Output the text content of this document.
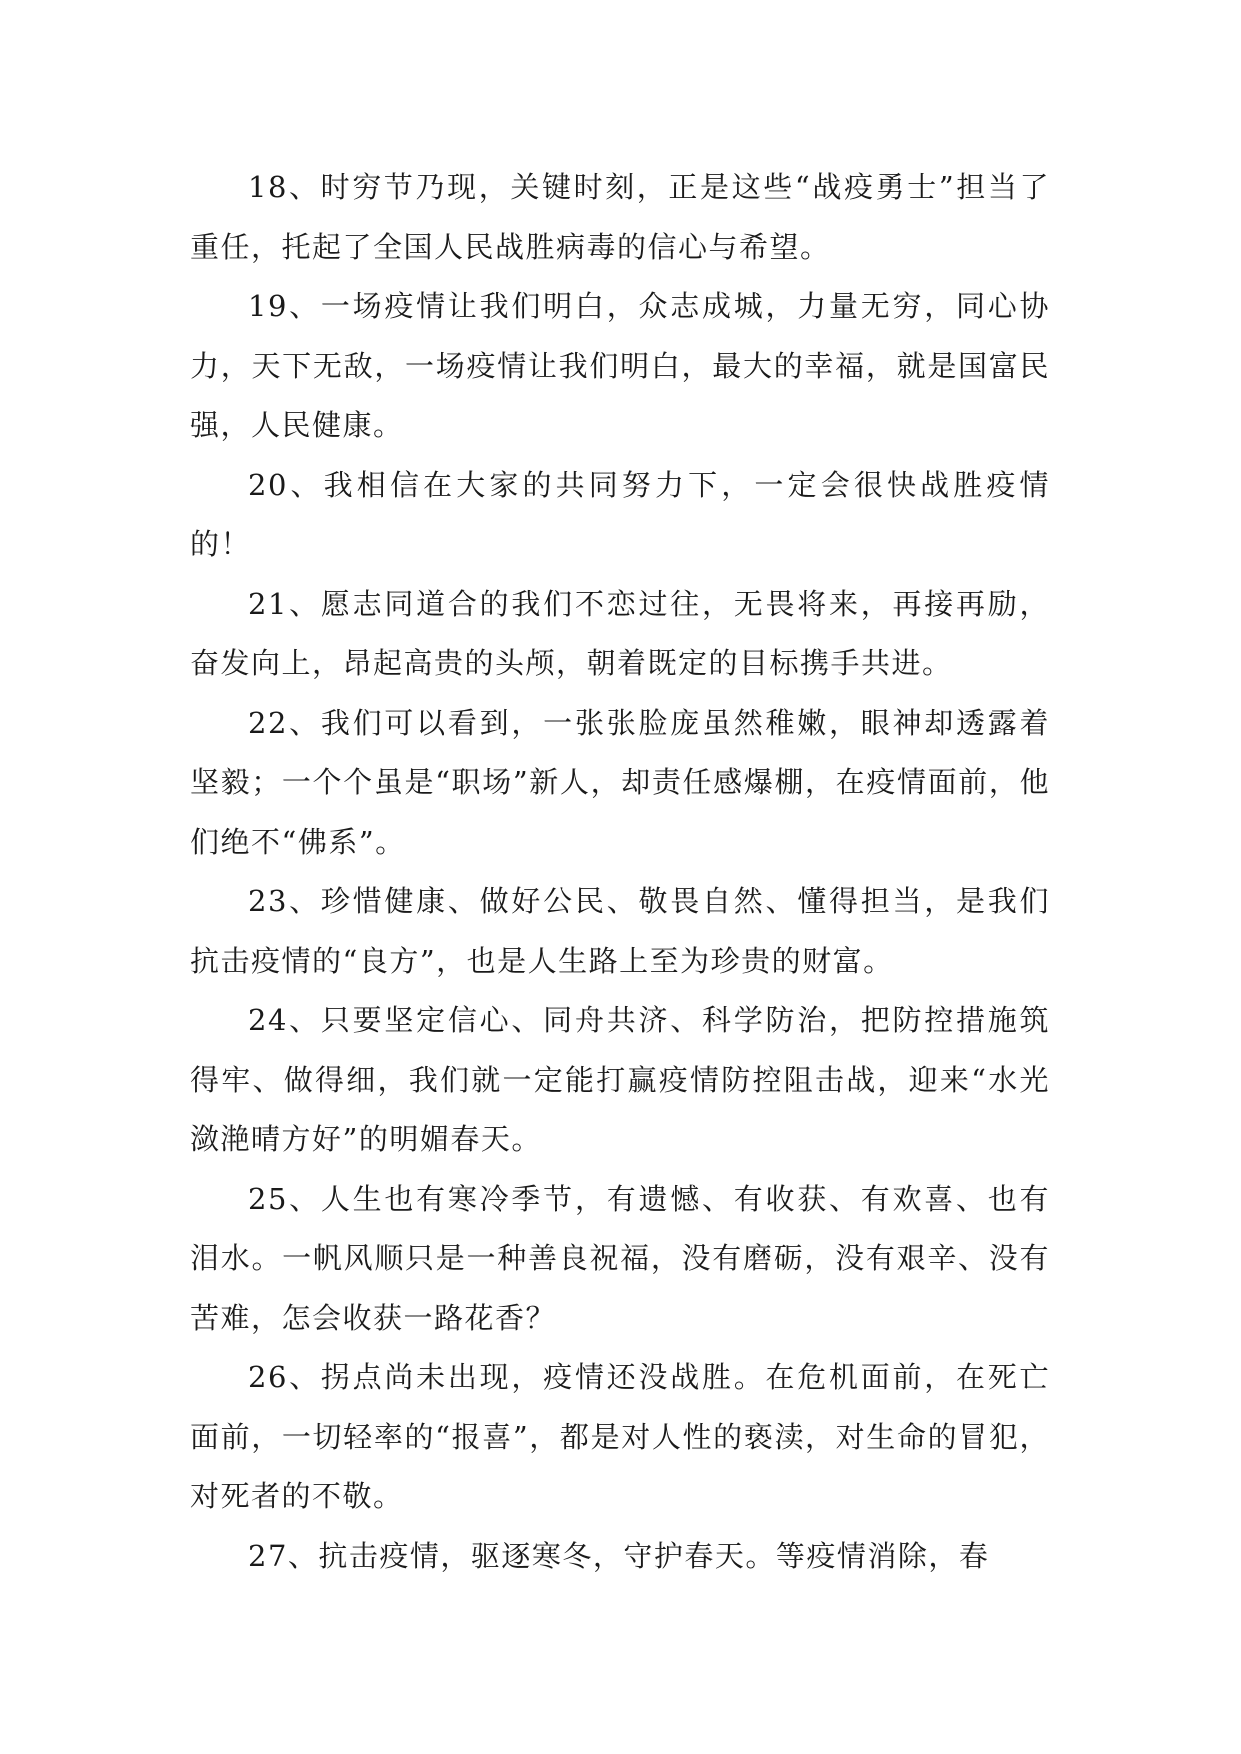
18、时穷节乃现，关键时刻，正是这些“战疫勇士”担当了重任，托起了全国人民战胜病毒的信心与希望。

19、一场疫情让我们明白，众志成城，力量无穷，同心协力，天下无敌，一场疫情让我们明白，最大的幸福，就是国富民强，人民健康。

20、我相信在大家的共同努力下，一定会很快战胜疫情的！

21、愿志同道合的我们不恋过往，无畏将来，再接再励，奋发向上，昂起高贵的头颅，朝着既定的目标携手共进。

22、我们可以看到，一张张脸庞虽然稚嫩，眼神却透露着坚毅；一个个虽是“职场”新人，却责任感爆棚，在疫情面前，他们绝不“佛系”。

23、珍惜健康、做好公民、敬畏自然、懂得担当，是我们抗击疫情的“良方”，也是人生路上至为珍贵的财富。

24、只要坚定信心、同舟共济、科学防治，把防控措施筑得牢、做得细，我们就一定能打赢疫情防控阻击战，迎来“水光潋滟晴方好”的明媚春天。

25、人生也有寒冷季节，有遗憾、有收获、有欢喜、也有泪水。一帆风顺只是一种善良祝福，没有磨砺，没有艰辛、没有苦难，怎会收获一路花香？

26、拐点尚未出现，疫情还没战胜。在危机面前，在死亡面前，一切轻率的“报喜”，都是对人性的亵渎，对生命的冒犯，对死者的不敬。

27、抗击疫情，驱逐寒冬，守护春天。等疫情消除，春
